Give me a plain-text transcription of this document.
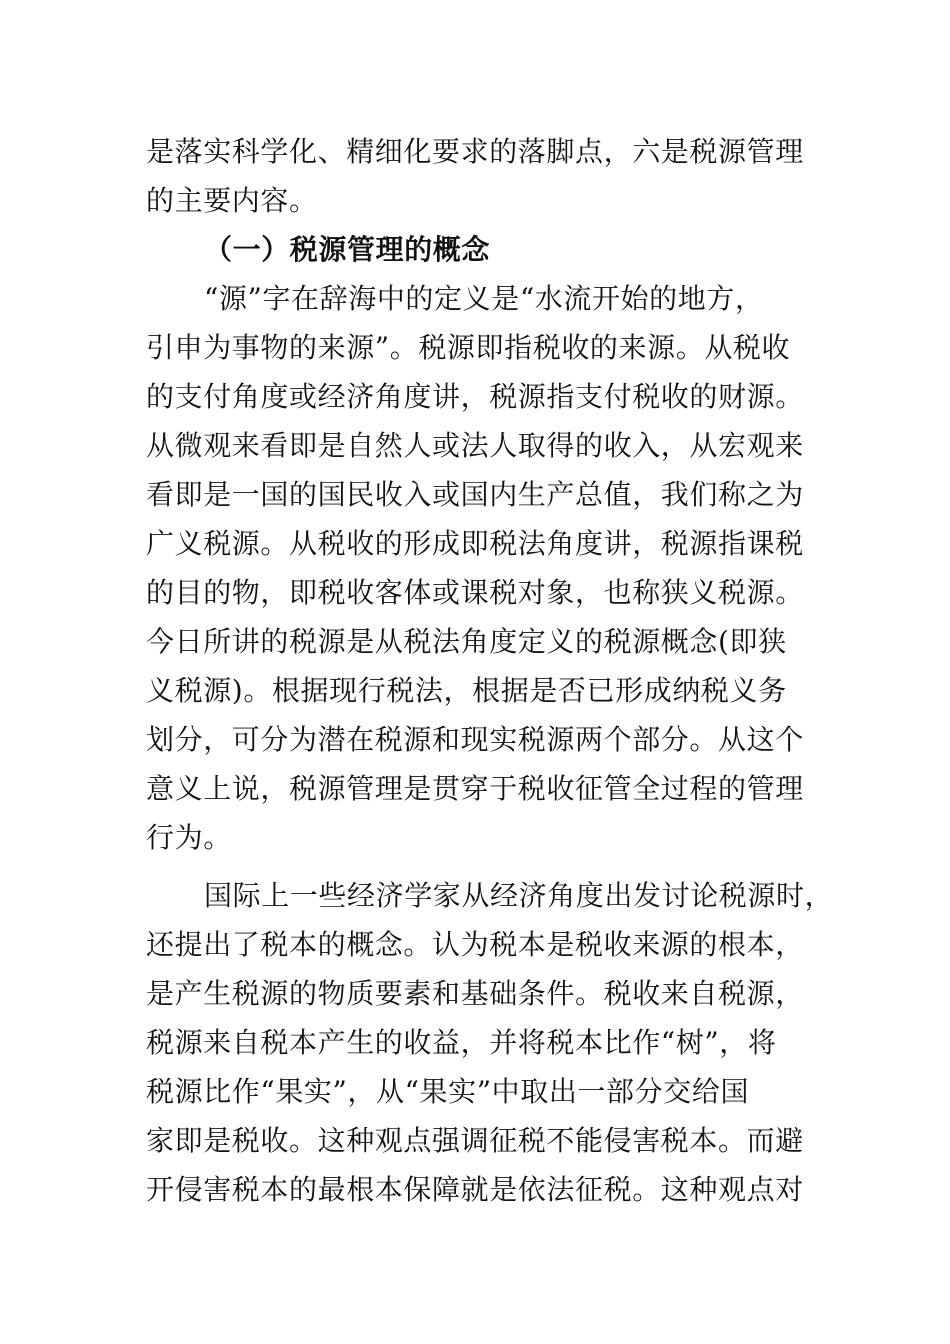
是落实科学化、精细化要求的落脚点，六是税源管理
的主要内容。
（一）税源管理的概念
“源”字在辞海中的定义是“水流开始的地方，
引申为事物的来源”。税源即指税收的来源。从税收
的支付角度或经济角度讲，税源指支付税收的财源。
从微观来看即是自然人或法人取得的收入，从宏观来
看即是一国的国民收入或国内生产总值，我们称之为
广义税源。从税收的形成即税法角度讲，税源指课税
的目的物，即税收客体或课税对象，也称狭义税源。
今日所讲的税源是从税法角度定义的税源概念(即狭
义税源)。根据现行税法，根据是否已形成纳税义务
划分，可分为潜在税源和现实税源两个部分。从这个
意义上说，税源管理是贯穿于税收征管全过程的管理
行为。
国际上一些经济学家从经济角度出发讨论税源时，
还提出了税本的概念。认为税本是税收来源的根本，
是产生税源的物质要素和基础条件。税收来自税源，
税源来自税本产生的收益，并将税本比作“树”，将
税源比作“果实”，从“果实”中取出一部分交给国
家即是税收。这种观点强调征税不能侵害税本。而避
开侵害税本的最根本保障就是依法征税。这种观点对
